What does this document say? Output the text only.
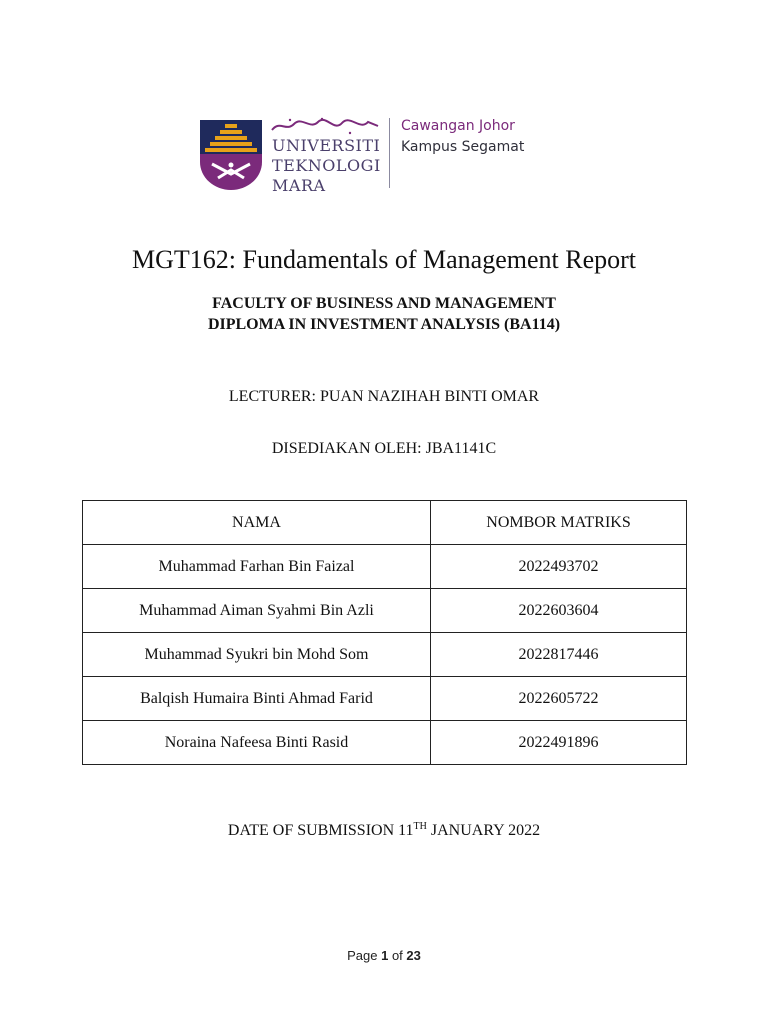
UNIVERSITI
TEKNOLOGI
MARA
Cawangan Johor
Kampus Segamat
MGT162: Fundamentals of Management Report
FACULTY OF BUSINESS AND MANAGEMENT
DIPLOMA IN INVESTMENT ANALYSIS (BA114)
LECTURER: PUAN NAZIHAH BINTI OMAR
DISEDIAKAN OLEH: JBA1141C
NAMA	NOMBOR MATRIKS
Muhammad Farhan Bin Faizal	2022493702
Muhammad Aiman Syahmi Bin Azli	2022603604
Muhammad Syukri bin Mohd Som	2022817446
Balqish Humaira Binti Ahmad Farid	2022605722
Noraina Nafeesa Binti Rasid	2022491896
DATE OF SUBMISSION 11TH JANUARY 2022
Page 1 of 23
